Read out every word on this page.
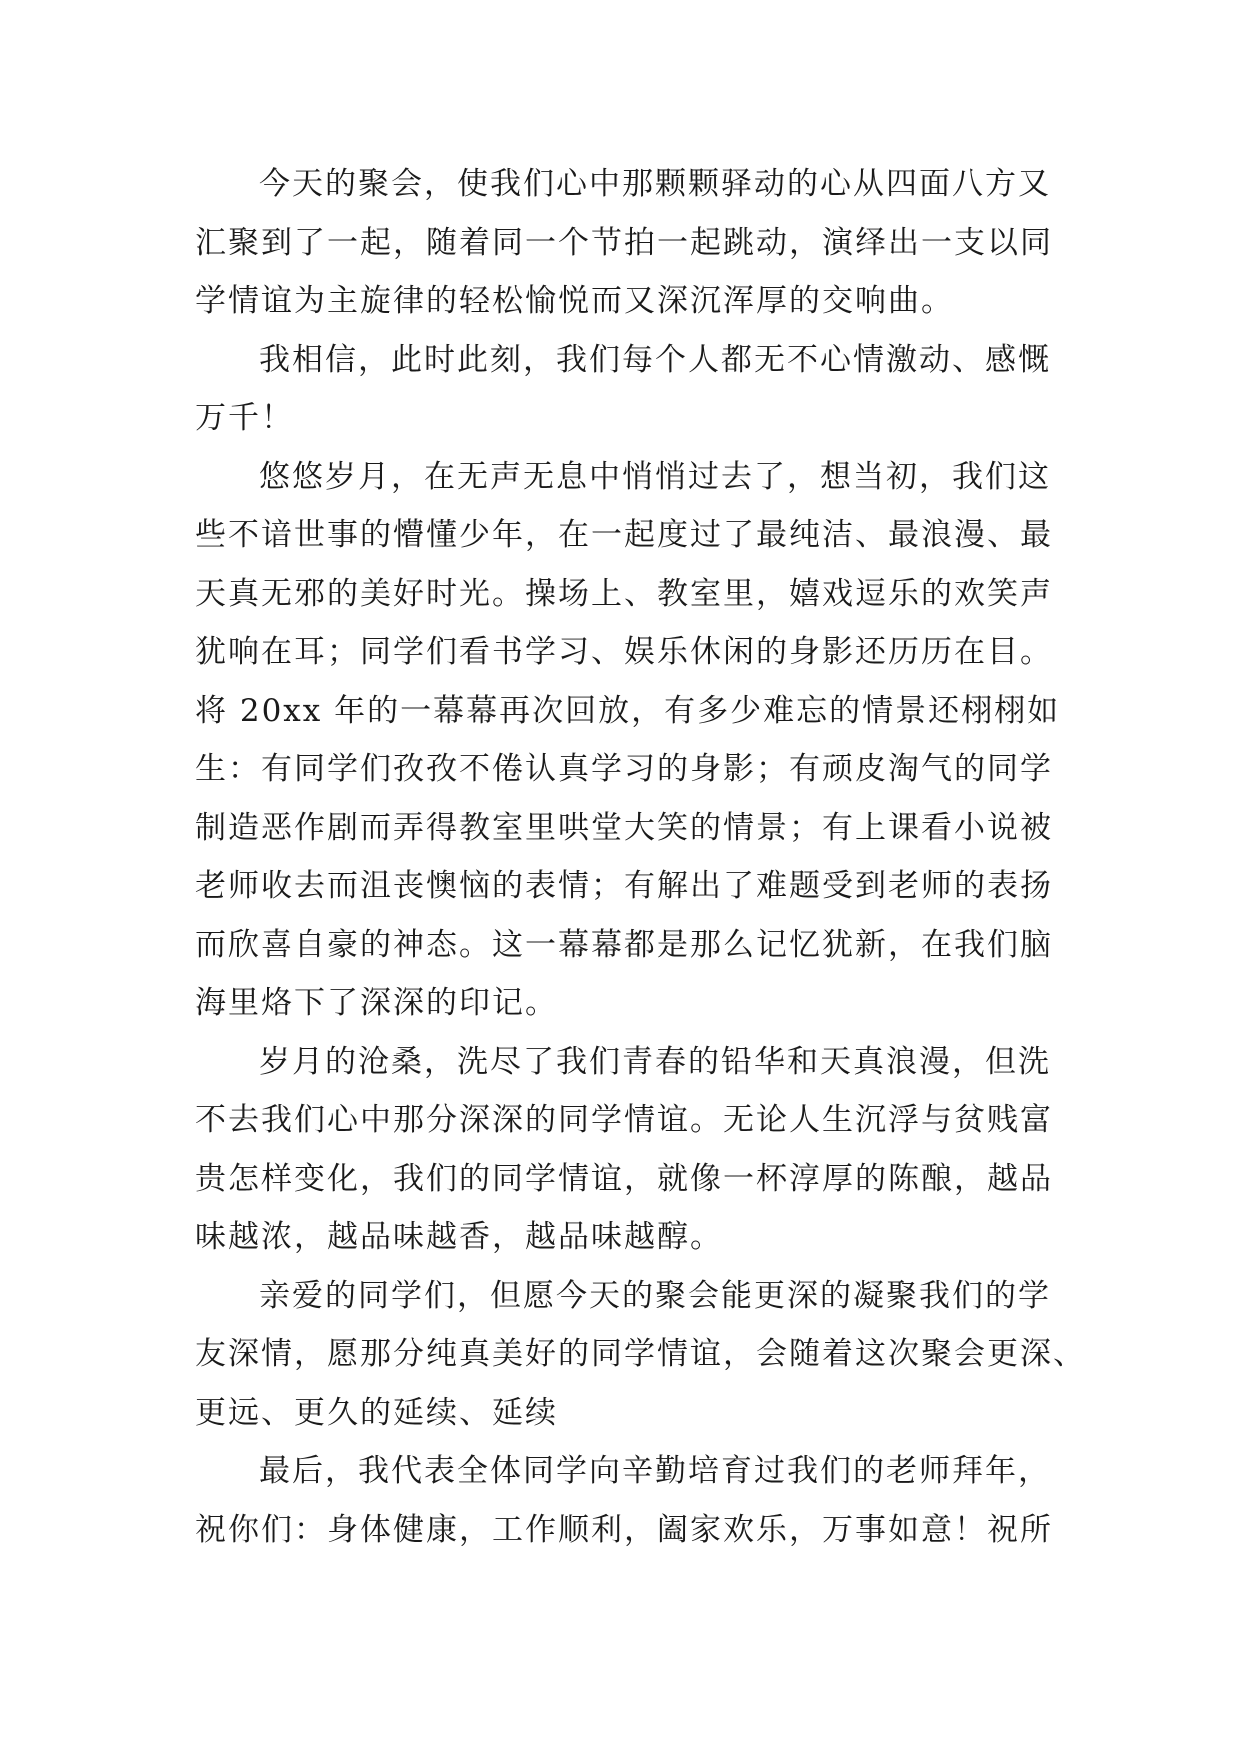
今天的聚会，使我们心中那颗颗驿动的心从四面八方又
汇聚到了一起，随着同一个节拍一起跳动，演绎出一支以同
学情谊为主旋律的轻松愉悦而又深沉浑厚的交响曲。
我相信，此时此刻，我们每个人都无不心情激动、感慨
万千！
悠悠岁月，在无声无息中悄悄过去了，想当初，我们这
些不谙世事的懵懂少年，在一起度过了最纯洁、最浪漫、最
天真无邪的美好时光。操场上、教室里，嬉戏逗乐的欢笑声
犹响在耳；同学们看书学习、娱乐休闲的身影还历历在目。
将 20xx 年的一幕幕再次回放，有多少难忘的情景还栩栩如
生：有同学们孜孜不倦认真学习的身影；有顽皮淘气的同学
制造恶作剧而弄得教室里哄堂大笑的情景；有上课看小说被
老师收去而沮丧懊恼的表情；有解出了难题受到老师的表扬
而欣喜自豪的神态。这一幕幕都是那么记忆犹新，在我们脑
海里烙下了深深的印记。
岁月的沧桑，洗尽了我们青春的铅华和天真浪漫，但洗
不去我们心中那分深深的同学情谊。无论人生沉浮与贫贱富
贵怎样变化，我们的同学情谊，就像一杯淳厚的陈酿，越品
味越浓，越品味越香，越品味越醇。
亲爱的同学们，但愿今天的聚会能更深的凝聚我们的学
友深情，愿那分纯真美好的同学情谊，会随着这次聚会更深、
更远、更久的延续、延续
最后，我代表全体同学向辛勤培育过我们的老师拜年，
祝你们：身体健康，工作顺利，阖家欢乐，万事如意！祝所
